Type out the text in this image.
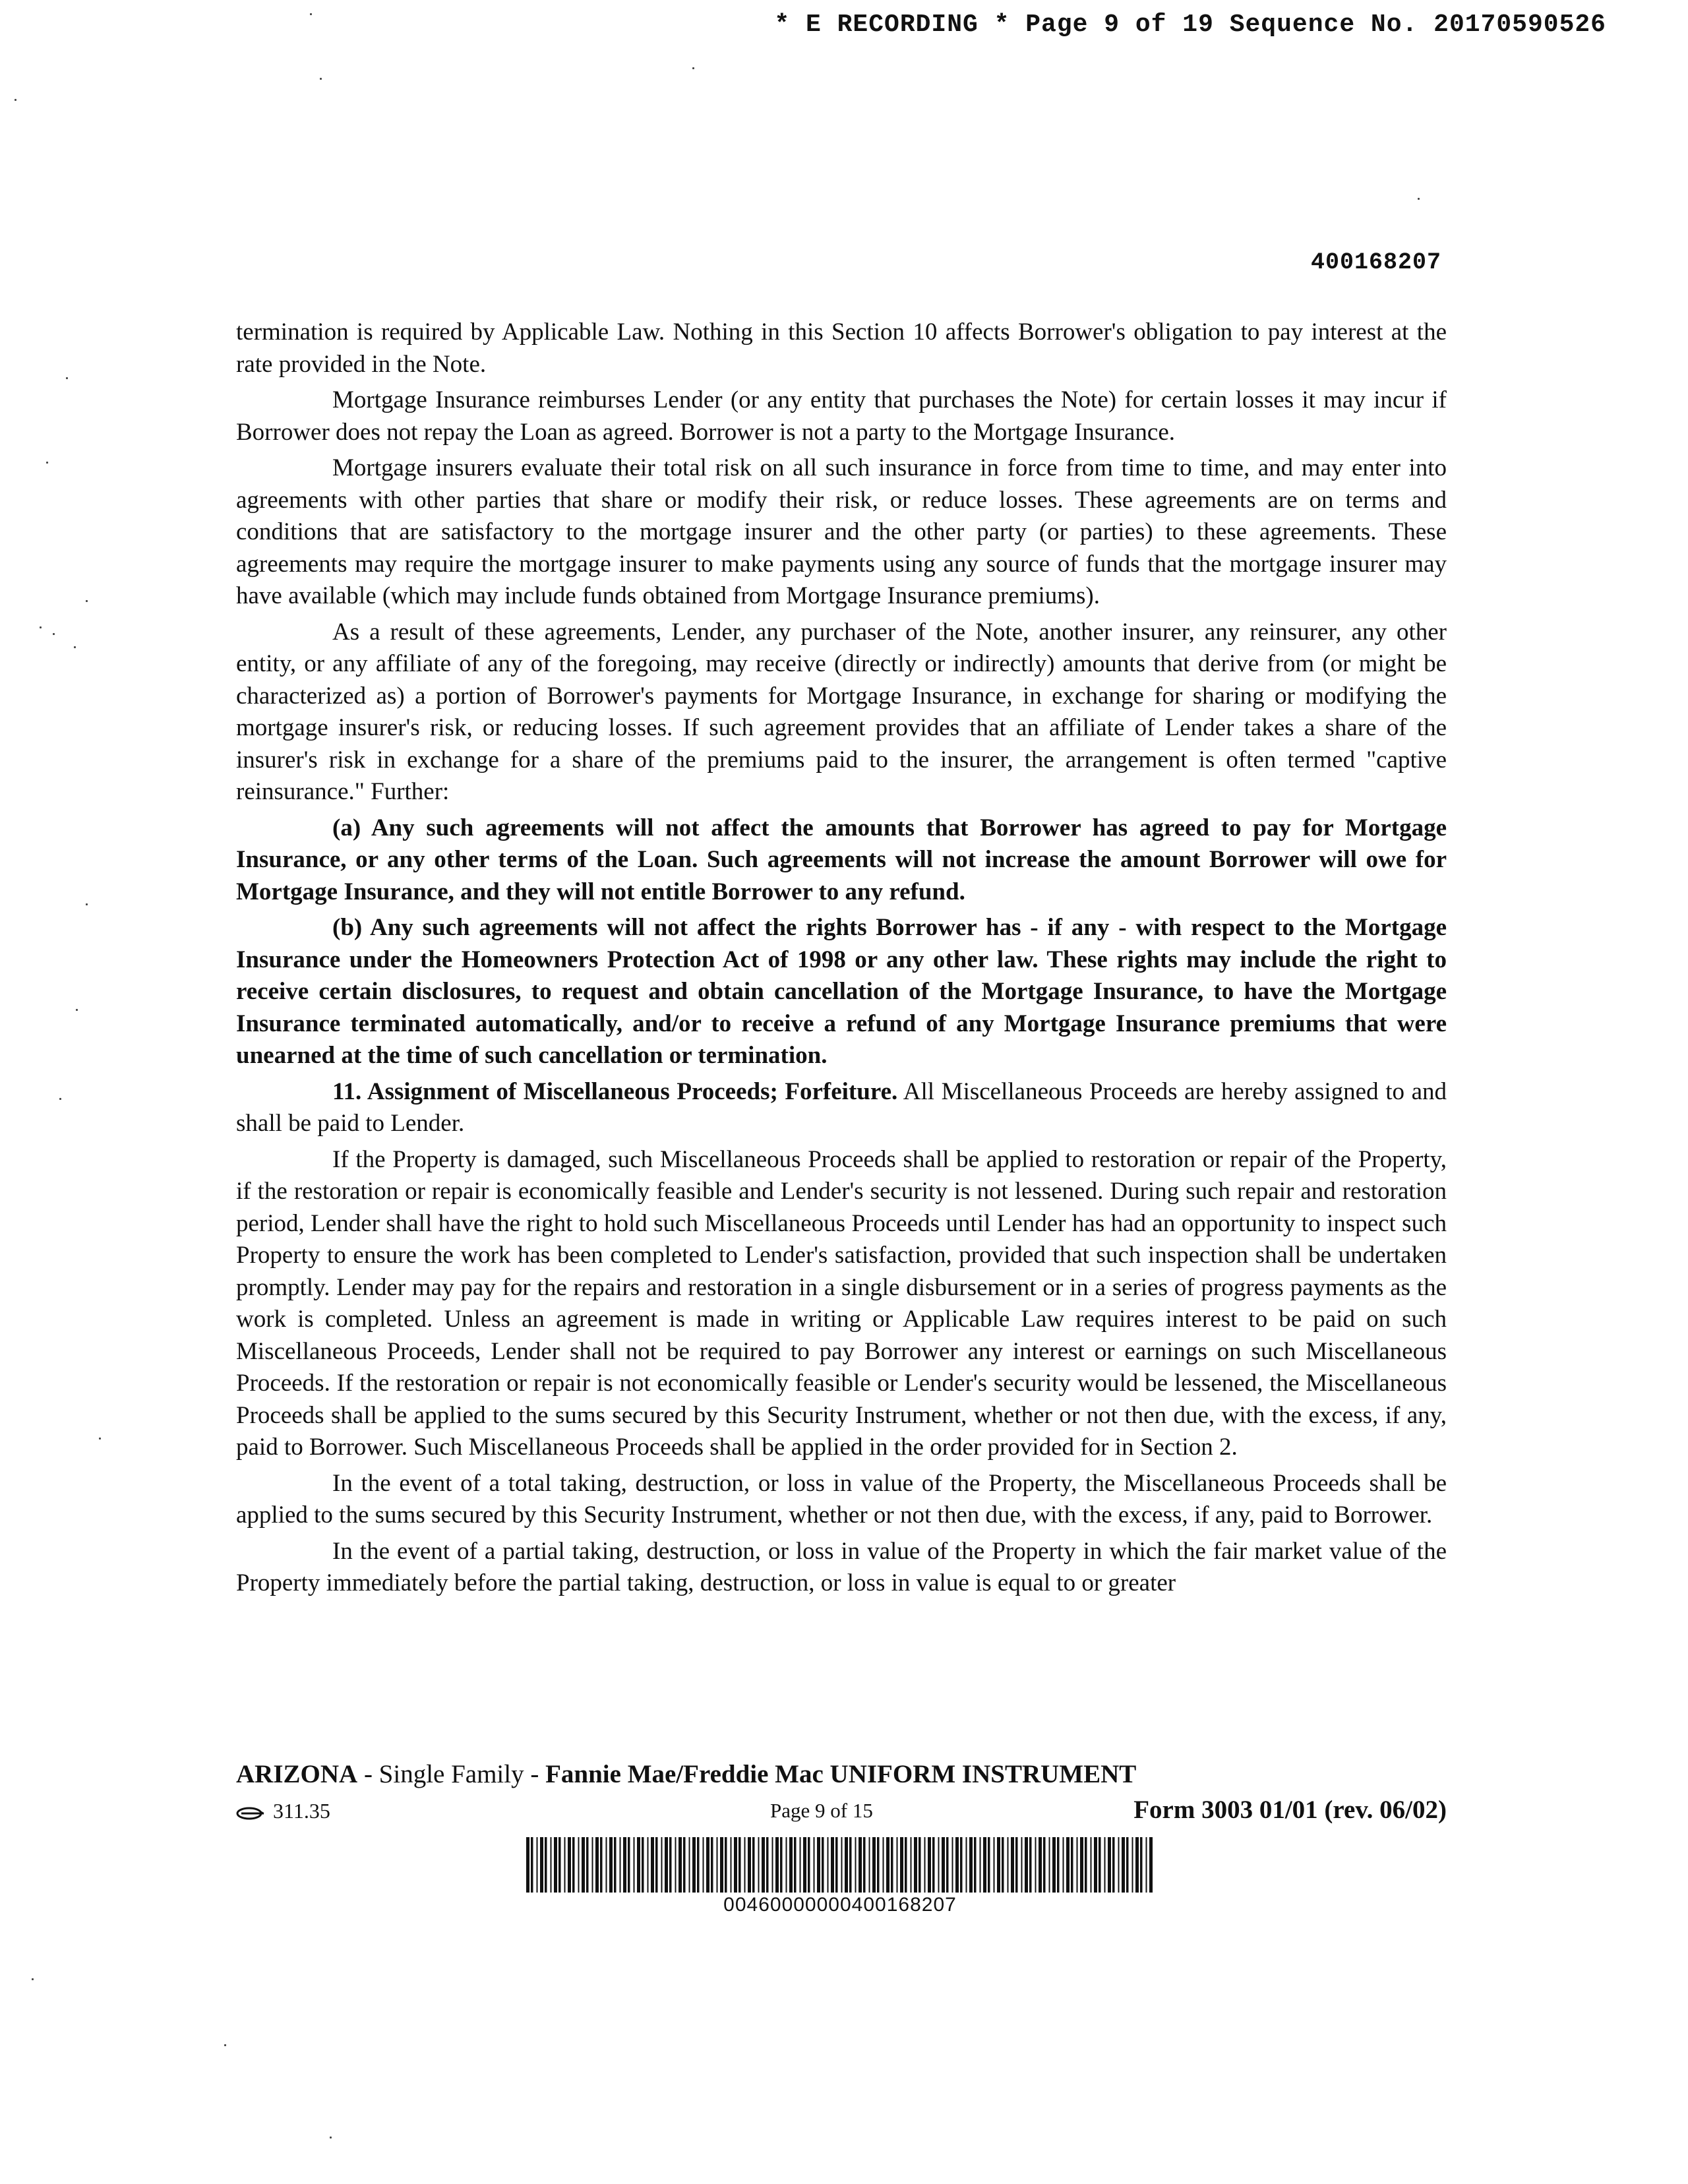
* E RECORDING * Page 9 of 19 Sequence No. 20170590526
400168207

termination is required by Applicable Law. Nothing in this Section 10 affects Borrower's obligation to pay interest at the rate provided in the Note.

Mortgage Insurance reimburses Lender (or any entity that purchases the Note) for certain losses it may incur if Borrower does not repay the Loan as agreed. Borrower is not a party to the Mortgage Insurance.

Mortgage insurers evaluate their total risk on all such insurance in force from time to time, and may enter into agreements with other parties that share or modify their risk, or reduce losses. These agreements are on terms and conditions that are satisfactory to the mortgage insurer and the other party (or parties) to these agreements. These agreements may require the mortgage insurer to make payments using any source of funds that the mortgage insurer may have available (which may include funds obtained from Mortgage Insurance premiums).

As a result of these agreements, Lender, any purchaser of the Note, another insurer, any reinsurer, any other entity, or any affiliate of any of the foregoing, may receive (directly or indirectly) amounts that derive from (or might be characterized as) a portion of Borrower's payments for Mortgage Insurance, in exchange for sharing or modifying the mortgage insurer's risk, or reducing losses. If such agreement provides that an affiliate of Lender takes a share of the insurer's risk in exchange for a share of the premiums paid to the insurer, the arrangement is often termed "captive reinsurance." Further:

(a) Any such agreements will not affect the amounts that Borrower has agreed to pay for Mortgage Insurance, or any other terms of the Loan. Such agreements will not increase the amount Borrower will owe for Mortgage Insurance, and they will not entitle Borrower to any refund.

(b) Any such agreements will not affect the rights Borrower has - if any - with respect to the Mortgage Insurance under the Homeowners Protection Act of 1998 or any other law. These rights may include the right to receive certain disclosures, to request and obtain cancellation of the Mortgage Insurance, to have the Mortgage Insurance terminated automatically, and/or to receive a refund of any Mortgage Insurance premiums that were unearned at the time of such cancellation or termination.

11. Assignment of Miscellaneous Proceeds; Forfeiture. All Miscellaneous Proceeds are hereby assigned to and shall be paid to Lender.

If the Property is damaged, such Miscellaneous Proceeds shall be applied to restoration or repair of the Property, if the restoration or repair is economically feasible and Lender's security is not lessened. During such repair and restoration period, Lender shall have the right to hold such Miscellaneous Proceeds until Lender has had an opportunity to inspect such Property to ensure the work has been completed to Lender's satisfaction, provided that such inspection shall be undertaken promptly. Lender may pay for the repairs and restoration in a single disbursement or in a series of progress payments as the work is completed. Unless an agreement is made in writing or Applicable Law requires interest to be paid on such Miscellaneous Proceeds, Lender shall not be required to pay Borrower any interest or earnings on such Miscellaneous Proceeds. If the restoration or repair is not economically feasible or Lender's security would be lessened, the Miscellaneous Proceeds shall be applied to the sums secured by this Security Instrument, whether or not then due, with the excess, if any, paid to Borrower. Such Miscellaneous Proceeds shall be applied in the order provided for in Section 2.

In the event of a total taking, destruction, or loss in value of the Property, the Miscellaneous Proceeds shall be applied to the sums secured by this Security Instrument, whether or not then due, with the excess, if any, paid to Borrower.

In the event of a partial taking, destruction, or loss in value of the Property in which the fair market value of the Property immediately before the partial taking, destruction, or loss in value is equal to or greater

ARIZONA - Single Family - Fannie Mae/Freddie Mac UNIFORM INSTRUMENT
311.35	Page 9 of 15	Form 3003 01/01 (rev. 06/02)
00460000000400168207
